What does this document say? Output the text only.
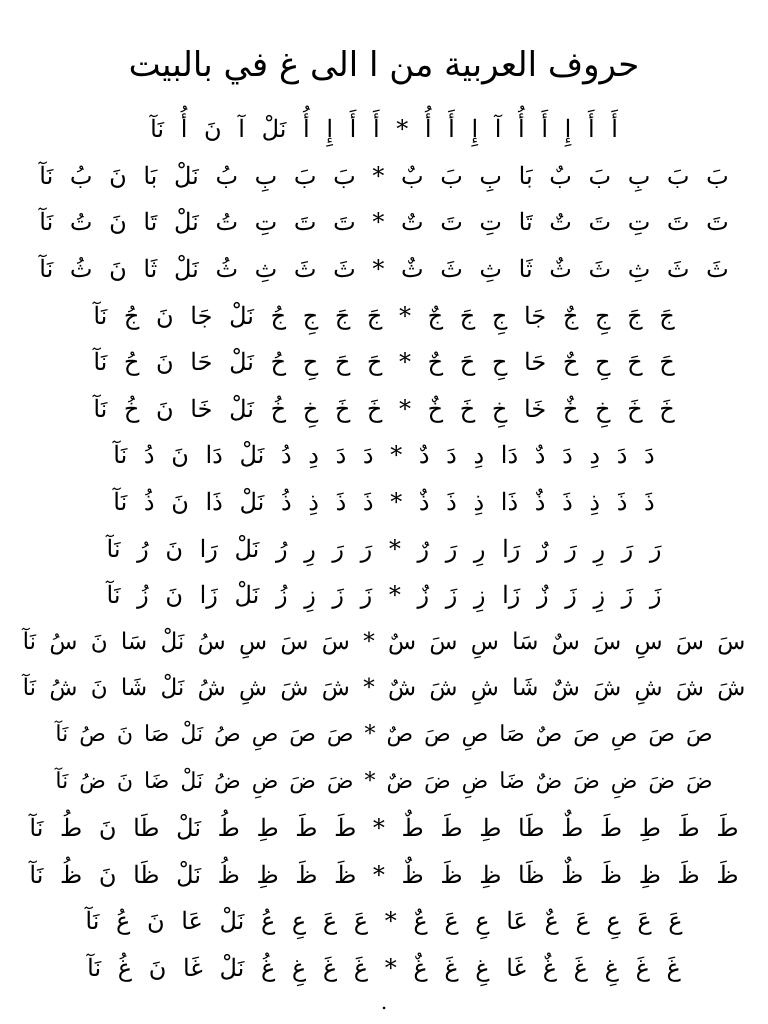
حروف العربية من ا الى غ في بالبيت
أَ أَ إِ أَ أُ آ إِ أَ أُ * أَ أَ إِ أُ نَلْ آ نَ أُ نَآ
بَ بَ بِ بَ بٌ بَا بِ بَ بٌ * بَ بَ بِ بُ نَلْ بَا نَ بُ نَآ
تَ تَ تِ تَ تٌ تَا تِ تَ تٌ * تَ تَ تِ تُ نَلْ تَا نَ تُ نَآ
ثَ ثَ ثِ ثَ ثٌ ثَا ثِ ثَ ثٌ * ثَ ثَ ثِ ثُ نَلْ ثَا نَ ثُ نَآ
جَ جَ جِ جٌ جَا جِ جَ جٌ * جَ جَ جِ جُ نَلْ جَا نَ جُ نَآ
حَ حَ حِ حٌ حَا حِ حَ حٌ * حَ حَ حِ حُ نَلْ حَا نَ حُ نَآ
خَ خَ خِ خٌ خَا خِ خَ خٌ * خَ خَ خِ خُ نَلْ خَا نَ خُ نَآ
دَ دَ دِ دَ دٌ دَا دِ دَ دٌ * دَ دَ دِ دُ نَلْ دَا نَ دُ نَآ
ذَ ذَ ذِ ذَ ذٌ ذَا ذِ ذَ ذٌ * ذَ ذَ ذِ ذُ نَلْ ذَا نَ ذُ نَآ
رَ رَ رِ رَ رٌ رَا رِ رَ رٌ * رَ رَ رِ رُ نَلْ رَا نَ رُ نَآ
زَ زَ زِ زَ زٌ زَا زِ زَ زٌ * زَ زَ زِ زُ نَلْ زَا نَ زُ نَآ
سَ سَ سِ سَ سٌ سَا سِ سَ سٌ * سَ سَ سِ سُ نَلْ سَا نَ سُ نَآ
شَ شَ شِ شَ شٌ شَا شِ شَ شٌ * شَ شَ شِ شُ نَلْ شَا نَ شُ نَآ
صَ صَ صِ صَ صٌ صَا صِ صَ صٌ * صَ صَ صِ صُ نَلْ صَا نَ صُ نَآ
ضَ ضَ ضِ ضَ ضٌ ضَا ضِ ضَ ضٌ * ضَ ضَ ضِ ضُ نَلْ ضَا نَ ضُ نَآ
طَ طَ طِ طَ طٌ طَا طِ طَ طٌ * طَ طَ طِ طُ نَلْ طَا نَ طُ نَآ
ظَ ظَ ظِ ظَ ظٌ ظَا ظِ ظَ ظٌ * ظَ ظَ ظِ ظُ نَلْ ظَا نَ ظُ نَآ
عَ عَ عِ عَ عٌ عَا عِ عَ عٌ * عَ عَ عِ عُ نَلْ عَا نَ عُ نَآ
غَ غَ غِ غَ غٌ غَا غِ غَ غٌ * غَ غَ غِ غُ نَلْ غَا نَ غُ نَآ
.
